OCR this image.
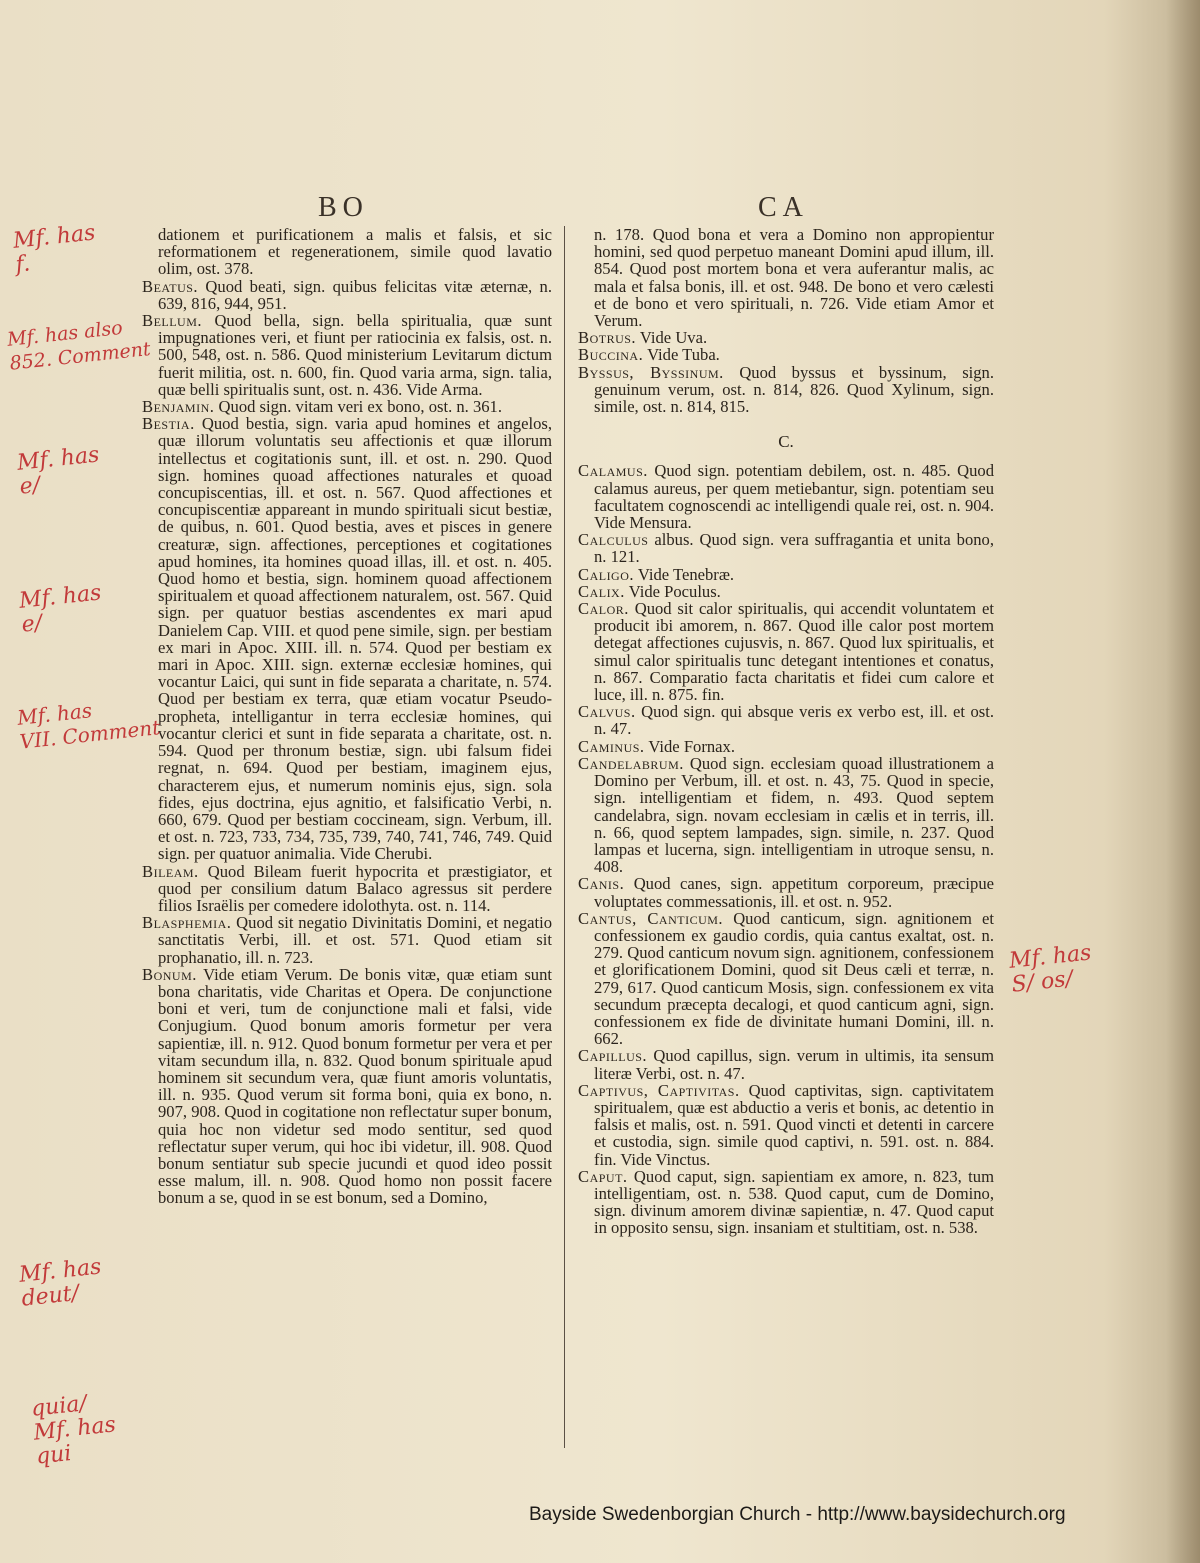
BO	CA

dationem et purificationem a malis et falsis, et sic reformationem et regenerationem, simile quod lavatio olim, ost. 378.

Beatus. Quod beati, sign. quibus felicitas vitæ æternæ, n. 639, 816, 944, 951.

Bellum. Quod bella, sign. bella spiritualia, quæ sunt impugnationes veri, et fiunt per ratiocinia ex falsis, ost. n. 500, 548, ost. n. 586. Quod ministerium Levitarum dictum fuerit militia, ost. n. 600, fin. Quod varia arma, sign. talia, quæ belli spiritualis sunt, ost. n. 436. Vide Arma.

Benjamin. Quod sign. vitam veri ex bono, ost. n. 361.

Bestia. Quod bestia, sign. varia apud homines et angelos, quæ illorum voluntatis seu affectionis et quæ illorum intellectus et cogitationis sunt, ill. et ost. n. 290. Quod sign. homines quoad affectiones naturales et quoad concupiscentias, ill. et ost. n. 567. Quod affectiones et concupiscentiæ appareant in mundo spirituali sicut bestiæ, de quibus, n. 601. Quod bestia, aves et pisces in genere creaturæ, sign. affectiones, perceptiones et cogitationes apud homines, ita homines quoad illas, ill. et ost. n. 405. Quod homo et bestia, sign. hominem quoad affectionem spiritualem et quoad affectionem naturalem, ost. 567. Quid sign. per quatuor bestias ascendentes ex mari apud Danielem Cap. VIII. et quod pene simile, sign. per bestiam ex mari in Apoc. XIII. ill. n. 574. Quod per bestiam ex mari in Apoc. XIII. sign. externæ ecclesiæ homines, qui vocantur Laici, qui sunt in fide separata a charitate, n. 574. Quod per bestiam ex terra, quæ etiam vocatur Pseudo-propheta, intelligantur in terra ecclesiæ homines, qui vocantur clerici et sunt in fide separata a charitate, ost. n. 594. Quod per thronum bestiæ, sign. ubi falsum fidei regnat, n. 694. Quod per bestiam, imaginem ejus, characterem ejus, et numerum nominis ejus, sign. sola fides, ejus doctrina, ejus agnitio, et falsificatio Verbi, n. 660, 679. Quod per bestiam coccineam, sign. Verbum, ill. et ost. n. 723, 733, 734, 735, 739, 740, 741, 746, 749. Quid sign. per quatuor animalia. Vide Cherubi.

Bileam. Quod Bileam fuerit hypocrita et præstigiator, et quod per consilium datum Balaco agressus sit perdere filios Israëlis per comedere idolothyta. ost. n. 114.

Blasphemia. Quod sit negatio Divinitatis Domini, et negatio sanctitatis Verbi, ill. et ost. 571. Quod etiam sit prophanatio, ill. n. 723.

Bonum. Vide etiam Verum. De bonis vitæ, quæ etiam sunt bona charitatis, vide Charitas et Opera. De conjunctione boni et veri, tum de conjunctione mali et falsi, vide Conjugium. Quod bonum amoris formetur per vera sapientiæ, ill. n. 912. Quod bonum formetur per vera et per vitam secundum illa, n. 832. Quod bonum spirituale apud hominem sit secundum vera, quæ fiunt amoris voluntatis, ill. n. 935. Quod verum sit forma boni, quia ex bono, n. 907, 908. Quod in cogitatione non reflectatur super bonum, quia hoc non videtur sed modo sentitur, sed quod reflectatur super verum, qui hoc ibi videtur, ill. 908. Quod bonum sentiatur sub specie jucundi et quod ideo possit esse malum, ill. n. 908. Quod homo non possit facere bonum a se, quod in se est bonum, sed a Domino,

n. 178. Quod bona et vera a Domino non appropientur homini, sed quod perpetuo maneant Domini apud illum, ill. 854. Quod post mortem bona et vera auferantur malis, ac mala et falsa bonis, ill. et ost. 948. De bono et vero cælesti et de bono et vero spirituali, n. 726. Vide etiam Amor et Verum.

Botrus. Vide Uva.

Buccina. Vide Tuba.

Byssus, Byssinum. Quod byssus et byssinum, sign. genuinum verum, ost. n. 814, 826. Quod Xylinum, sign. simile, ost. n. 814, 815.

C.

Calamus. Quod sign. potentiam debilem, ost. n. 485. Quod calamus aureus, per quem metiebantur, sign. potentiam seu facultatem cognoscendi ac intelligendi quale rei, ost. n. 904. Vide Mensura.

Calculus albus. Quod sign. vera suffragantia et unita bono, n. 121.

Caligo. Vide Tenebræ.

Calix. Vide Poculus.

Calor. Quod sit calor spiritualis, qui accendit voluntatem et producit ibi amorem, n. 867. Quod ille calor post mortem detegat affectiones cujusvis, n. 867. Quod lux spiritualis, et simul calor spiritualis tunc detegant intentiones et conatus, n. 867. Comparatio facta charitatis et fidei cum calore et luce, ill. n. 875. fin.

Calvus. Quod sign. qui absque veris ex verbo est, ill. et ost. n. 47.

Caminus. Vide Fornax.

Candelabrum. Quod sign. ecclesiam quoad illustrationem a Domino per Verbum, ill. et ost. n. 43, 75. Quod in specie, sign. intelligentiam et fidem, n. 493. Quod septem candelabra, sign. novam ecclesiam in cælis et in terris, ill. n. 66, quod septem lampades, sign. simile, n. 237. Quod lampas et lucerna, sign. intelligentiam in utroque sensu, n. 408.

Canis. Quod canes, sign. appetitum corporeum, præcipue voluptates commessationis, ill. et ost. n. 952.

Cantus, Canticum. Quod canticum, sign. agnitionem et confessionem ex gaudio cordis, quia cantus exaltat, ost. n. 279. Quod canticum novum sign. agnitionem, confessionem et glorificationem Domini, quod sit Deus cæli et terræ, n. 279, 617. Quod canticum Mosis, sign. confessionem ex vita secundum præcepta decalogi, et quod canticum agni, sign. confessionem ex fide de divinitate humani Domini, ill. n. 662.

Capillus. Quod capillus, sign. verum in ultimis, ita sensum literæ Verbi, ost. n. 47.

Captivus, Captivitas. Quod captivitas, sign. captivitatem spiritualem, quæ est abductio a veris et bonis, ac detentio in falsis et malis, ost. n. 591. Quod vincti et detenti in carcere et custodia, sign. simile quod captivi, n. 591. ost. n. 884. fin. Vide Vinctus.

Caput. Quod caput, sign. sapientiam ex amore, n. 823, tum intelligentiam, ost. n. 538. Quod caput, cum de Domino, sign. divinum amorem divinæ sapientiæ, n. 47. Quod caput in opposito sensu, sign. insaniam et stultitiam, ost. n. 538.

Mf. has
f.
Mf. has also
852. Comment
Mf. has
e/
Mf. has
e/
Mf. has
VII. Comment
Mf. has
S/ os/
Mf. has
deut/
quia/
Mf. has
qui
Bayside Swedenborgian Church - http://www.baysidechurch.org
